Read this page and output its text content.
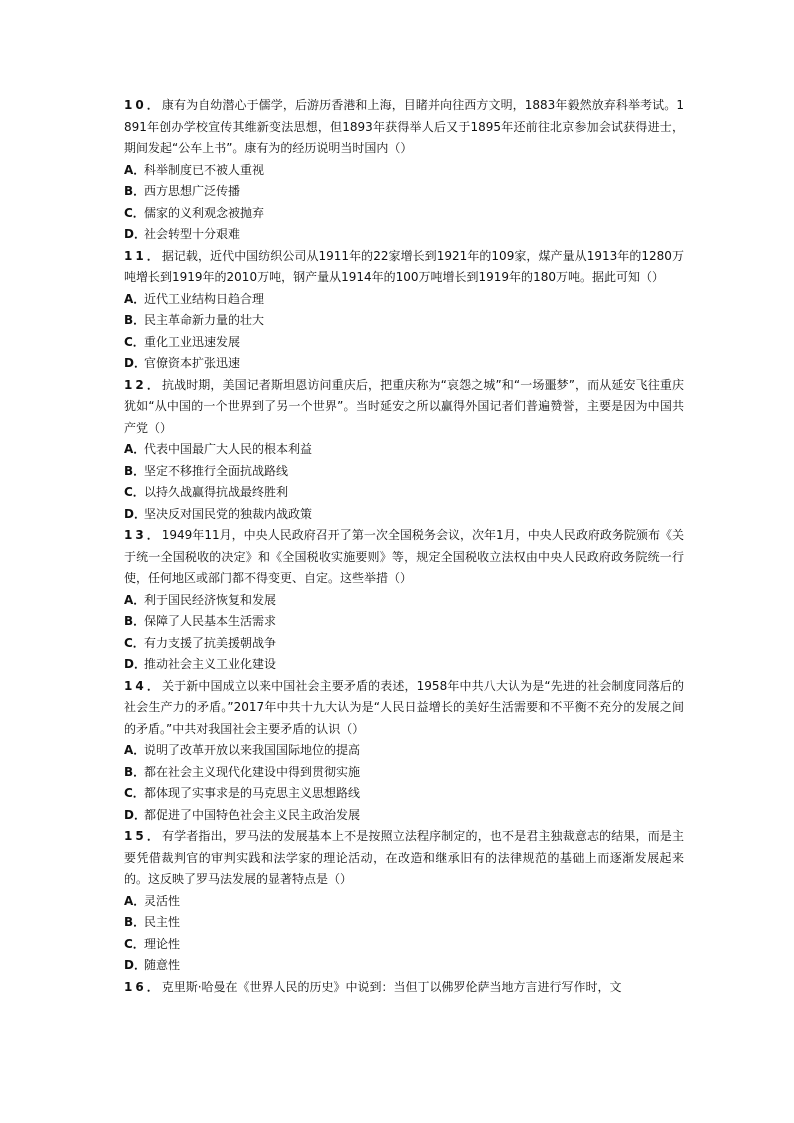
10．康有为自幼潜心于儒学，后游历香港和上海，目睹并向往西方文明，1883年毅然放弃科举考试。1891年创办学校宣传其维新变法思想，但1893年获得举人后又于1895年还前往北京参加会试获得进士，期间发起“公车上书”。康有为的经历说明当时国内（）

A．科举制度已不被人重视

B．西方思想广泛传播

C．儒家的义利观念被抛弃

D．社会转型十分艰难

11．据记载，近代中国纺织公司从1911年的22家增长到1921年的109家，煤产量从1913年的1280万吨增长到1919年的2010万吨，钢产量从1914年的100万吨增长到1919年的180万吨。据此可知（）

A．近代工业结构日趋合理

B．民主革命新力量的壮大

C．重化工业迅速发展

D．官僚资本扩张迅速

12．抗战时期，美国记者斯坦恩访问重庆后，把重庆称为“哀怨之城”和“一场噩梦”，而从延安飞往重庆犹如“从中国的一个世界到了另一个世界”。当时延安之所以赢得外国记者们普遍赞誉，主要是因为中国共产党（）

A．代表中国最广大人民的根本利益

B．坚定不移推行全面抗战路线

C．以持久战赢得抗战最终胜利

D．坚决反对国民党的独裁内战政策

13．1949年11月，中央人民政府召开了第一次全国税务会议，次年1月，中央人民政府政务院颁布《关于统一全国税收的决定》和《全国税收实施要则》等，规定全国税收立法权由中央人民政府政务院统一行使，任何地区或部门都不得变更、自定。这些举措（）

A．利于国民经济恢复和发展

B．保障了人民基本生活需求

C．有力支援了抗美援朝战争

D．推动社会主义工业化建设

14．关于新中国成立以来中国社会主要矛盾的表述，1958年中共八大认为是“先进的社会制度同落后的社会生产力的矛盾。”2017年中共十九大认为是“人民日益增长的美好生活需要和不平衡不充分的发展之间的矛盾。”中共对我国社会主要矛盾的认识（）

A．说明了改革开放以来我国国际地位的提高

B．都在社会主义现代化建设中得到贯彻实施

C．都体现了实事求是的马克思主义思想路线

D．都促进了中国特色社会主义民主政治发展

15．有学者指出，罗马法的发展基本上不是按照立法程序制定的，也不是君主独裁意志的结果，而是主要凭借裁判官的审判实践和法学家的理论活动，在改造和继承旧有的法律规范的基础上而逐渐发展起来的。这反映了罗马法发展的显著特点是（）

A．灵活性

B．民主性

C．理论性

D．随意性

16．克里斯·哈曼在《世界人民的历史》中说到：当但丁以佛罗伦萨当地方言进行写作时，文
